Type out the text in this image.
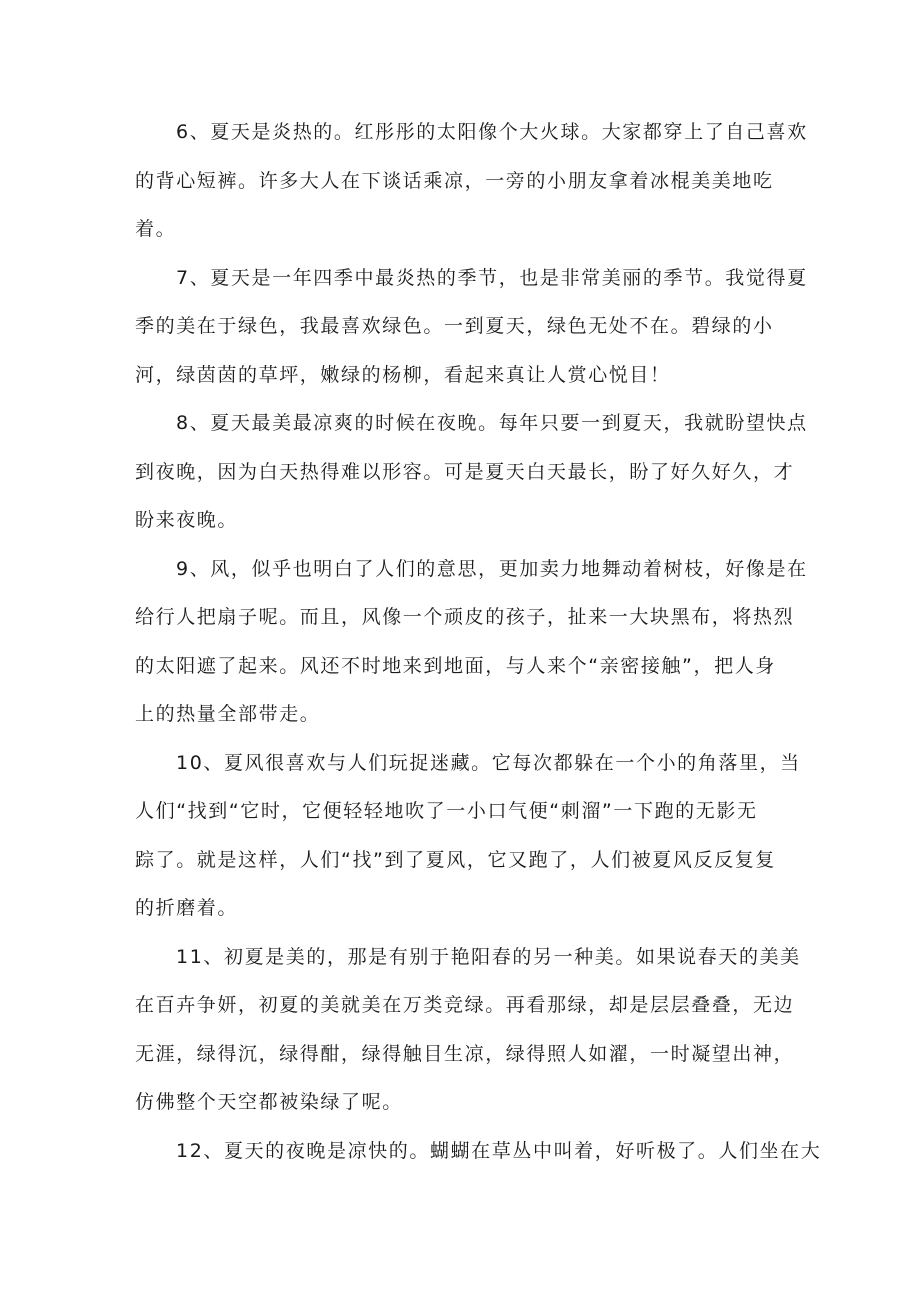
6、夏天是炎热的。红彤彤的太阳像个大火球。大家都穿上了自己喜欢
的背心短裤。许多大人在下谈话乘凉，一旁的小朋友拿着冰棍美美地吃
着。

7、夏天是一年四季中最炎热的季节，也是非常美丽的季节。我觉得夏
季的美在于绿色，我最喜欢绿色。一到夏天，绿色无处不在。碧绿的小
河，绿茵茵的草坪，嫩绿的杨柳，看起来真让人赏心悦目！

8、夏天最美最凉爽的时候在夜晚。每年只要一到夏天，我就盼望快点
到夜晚，因为白天热得难以形容。可是夏天白天最长，盼了好久好久，才
盼来夜晚。

9、风，似乎也明白了人们的意思，更加卖力地舞动着树枝，好像是在
给行人把扇子呢。而且，风像一个顽皮的孩子，扯来一大块黑布，将热烈
的太阳遮了起来。风还不时地来到地面，与人来个“亲密接触”，把人身
上的热量全部带走。

10、夏风很喜欢与人们玩捉迷藏。它每次都躲在一个小的角落里，当
人们“找到“它时，它便轻轻地吹了一小口气便“刺溜”一下跑的无影无
踪了。就是这样，人们“找”到了夏风，它又跑了，人们被夏风反反复复
的折磨着。

11、初夏是美的，那是有别于艳阳春的另一种美。如果说春天的美美
在百卉争妍，初夏的美就美在万类竞绿。再看那绿，却是层层叠叠，无边
无涯，绿得沉，绿得酣，绿得触目生凉，绿得照人如濯，一时凝望出神，
仿佛整个天空都被染绿了呢。

12、夏天的夜晚是凉快的。蝴蝴在草丛中叫着，好听极了。人们坐在大
